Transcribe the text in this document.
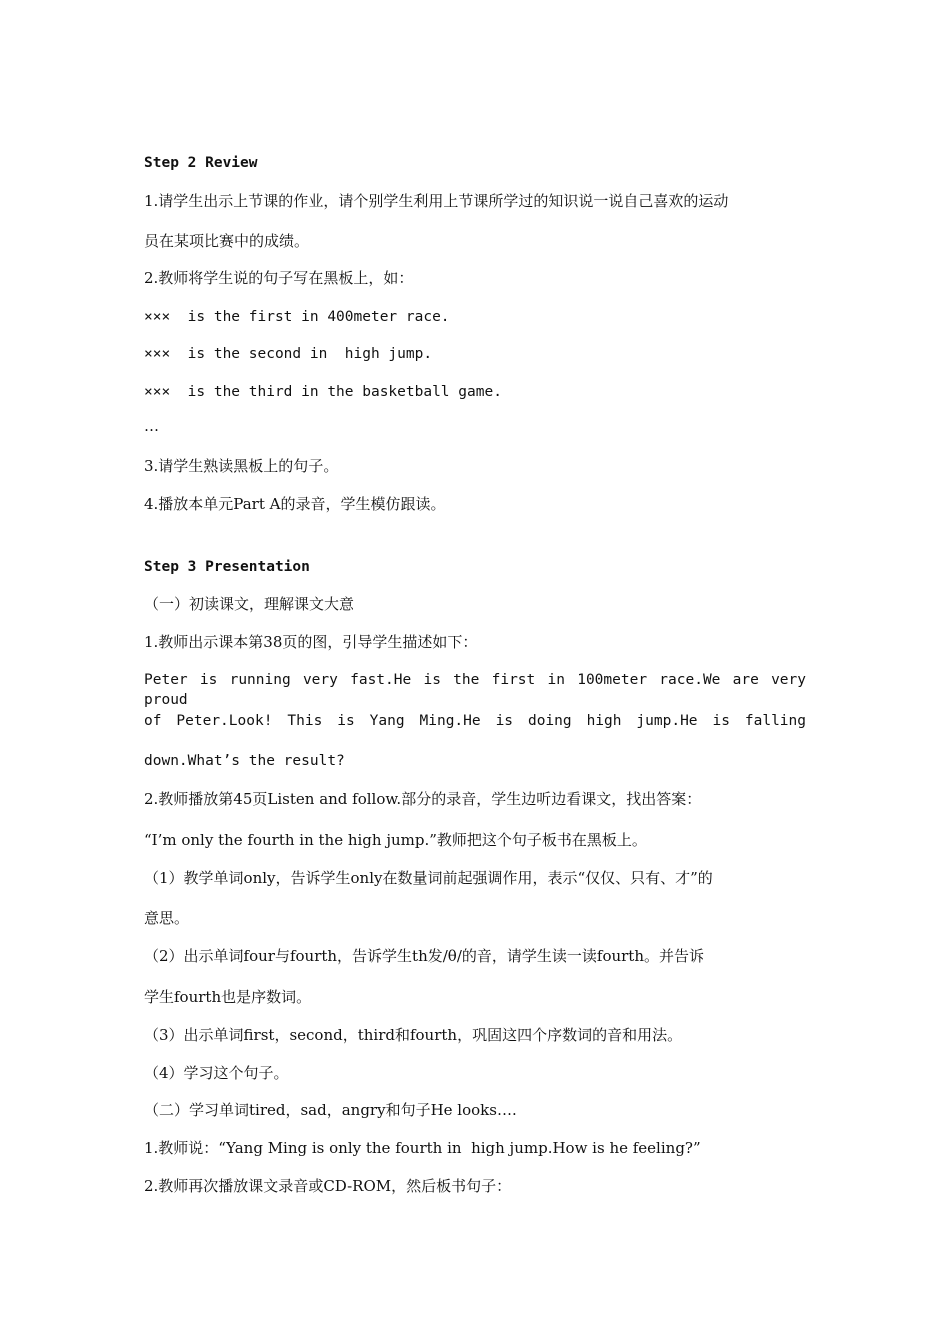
Step 2 Review
1.请学生出示上节课的作业，请个别学生利用上节课所学过的知识说一说自己喜欢的运动
员在某项比赛中的成绩。
2.教师将学生说的句子写在黑板上，如：
×××  is the first in 400meter race.
×××  is the second in  high jump.
×××  is the third in the basketball game.
…
3.请学生熟读黑板上的句子。
4.播放本单元Part A的录音，学生模仿跟读。
Step 3 Presentation
（一）初读课文，理解课文大意
1.教师出示课本第38页的图，引导学生描述如下：
Peter is running very fast.He is the first in 100meter race.We are very proud
of Peter.Look! This is Yang Ming.He is doing high jump.He is falling
down.What’s the result?
2.教师播放第45页Listen and follow.部分的录音，学生边听边看课文，找出答案：
“I’m only the fourth in the high jump.”教师把这个句子板书在黑板上。
（1）教学单词only，告诉学生only在数量词前起强调作用，表示“仅仅、只有、才”的
意思。
（2）出示单词four与fourth，告诉学生th发/θ/的音，请学生读一读fourth。并告诉
学生fourth也是序数词。
（3）出示单词first，second，third和fourth，巩固这四个序数词的音和用法。
（4）学习这个句子。
（二）学习单词tired，sad，angry和句子He looks….
1.教师说：“Yang Ming is only the fourth in  high jump.How is he feeling?”
2.教师再次播放课文录音或CD-ROM，然后板书句子：
